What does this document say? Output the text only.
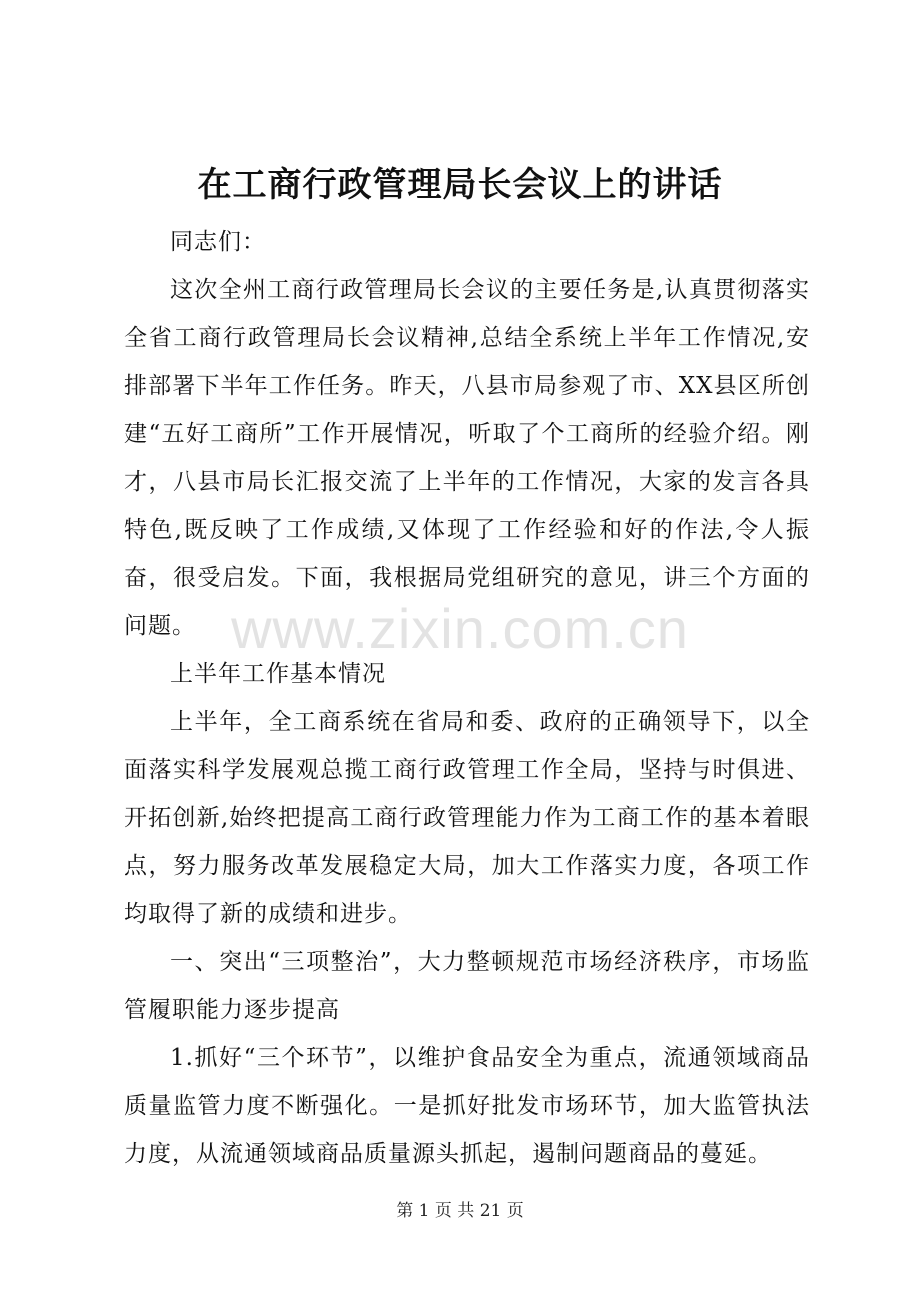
www.zixin.com.cn
在工商行政管理局长会议上的讲话

同志们：

这次全州工商行政管理局长会议的主要任务是,认真贯彻落实全省工商行政管理局长会议精神,总结全系统上半年工作情况,安排部署下半年工作任务。昨天，八县市局参观了市、XX县区所创建“五好工商所”工作开展情况，听取了个工商所的经验介绍。刚才，八县市局长汇报交流了上半年的工作情况，大家的发言各具特色,既反映了工作成绩,又体现了工作经验和好的作法,令人振奋，很受启发。下面，我根据局党组研究的意见，讲三个方面的问题。

上半年工作基本情况

上半年，全工商系统在省局和委、政府的正确领导下，以全面落实科学发展观总揽工商行政管理工作全局，坚持与时俱进、开拓创新,始终把提高工商行政管理能力作为工商工作的基本着眼点，努力服务改革发展稳定大局，加大工作落实力度，各项工作均取得了新的成绩和进步。

一、突出“三项整治”，大力整顿规范市场经济秩序，市场监管履职能力逐步提高

1.抓好“三个环节”，以维护食品安全为重点，流通领域商品质量监管力度不断强化。一是抓好批发市场环节，加大监管执法力度，从流通领域商品质量源头抓起，遏制问题商品的蔓延。

第 1 页 共 21 页
